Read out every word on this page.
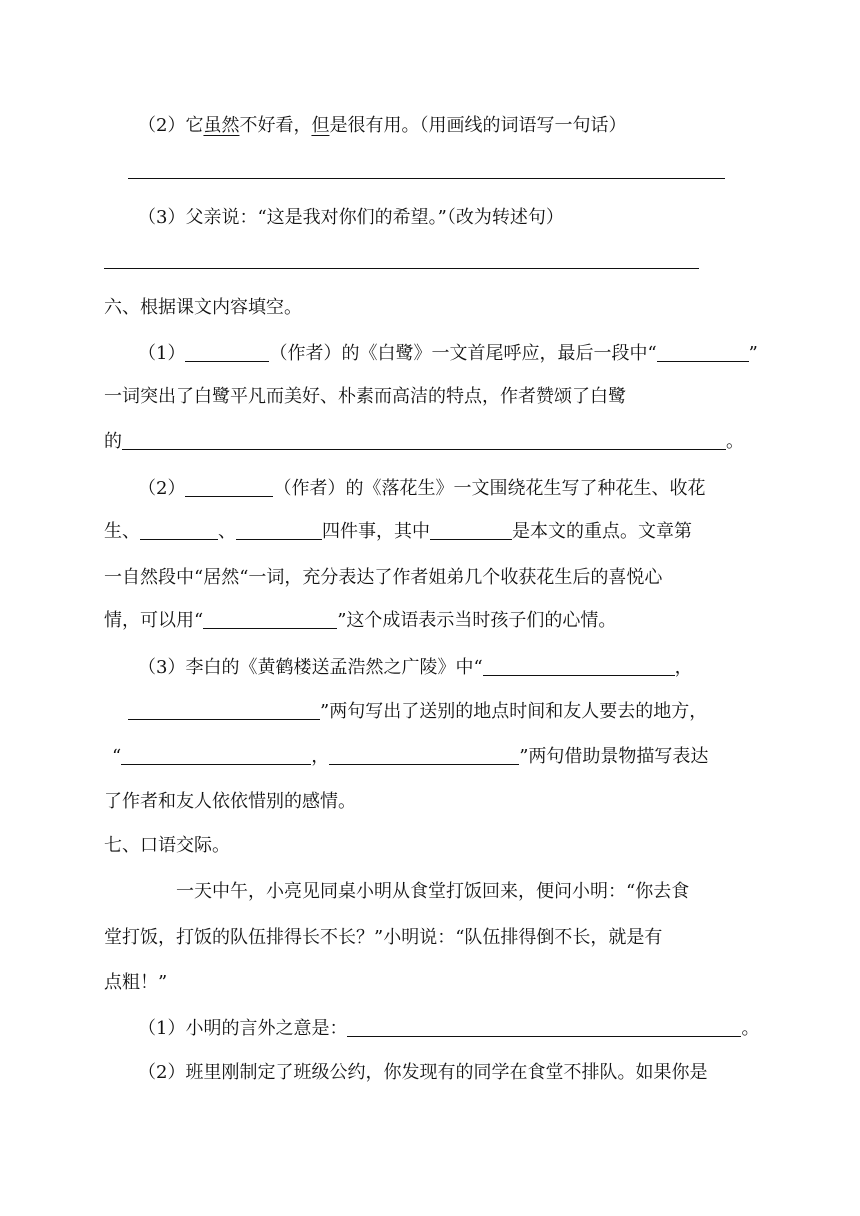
（2）它虽然不好看，但是很有用。（用画线的词语写一句话）
（3）父亲说：“这是我对你们的希望。”（改为转述句）
六、根据课文内容填空。
（1）	（作者）的《白鹭》一文首尾呼应，最后一段中“	”
一词突出了白鹭平凡而美好、朴素而高洁的特点，作者赞颂了白鹭
的	。
（2）	（作者）的《落花生》一文围绕花生写了种花生、收花
生、	、	四件事，其中	是本文的重点。文章第
一自然段中“居然“一词，充分表达了作者姐弟几个收获花生后的喜悦心
情，可以用“	”这个成语表示当时孩子们的心情。
（3）李白的《黄鹤楼送孟浩然之广陵》中“	，
”两句写出了送别的地点时间和友人要去的地方，
“	，	”两句借助景物描写表达
了作者和友人依依惜别的感情。
七、口语交际。
一天中午，小亮见同桌小明从食堂打饭回来，便问小明：“你去食
堂打饭，打饭的队伍排得长不长？”小明说：“队伍排得倒不长，就是有
点粗！”
（1）小明的言外之意是：	。
（2）班里刚制定了班级公约，你发现有的同学在食堂不排队。如果你是
